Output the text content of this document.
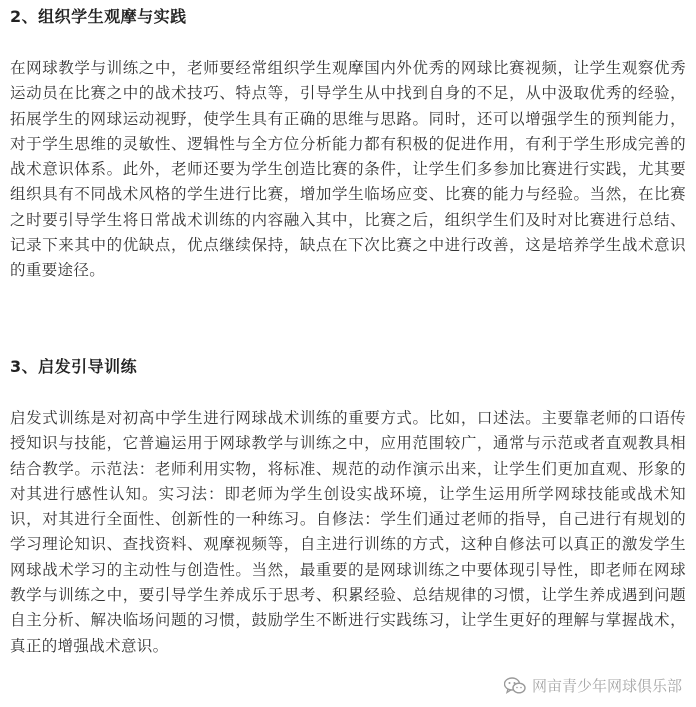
2、组织学生观摩与实践

在网球教学与训练之中，老师要经常组织学生观摩国内外优秀的网球比赛视频，让学生观察优秀运动员在比赛之中的战术技巧、特点等，引导学生从中找到自身的不足，从中汲取优秀的经验，拓展学生的网球运动视野，使学生具有正确的思维与思路。同时，还可以增强学生的预判能力，对于学生思维的灵敏性、逻辑性与全方位分析能力都有积极的促进作用，有利于学生形成完善的战术意识体系。此外，老师还要为学生创造比赛的条件，让学生们多参加比赛进行实践，尤其要组织具有不同战术风格的学生进行比赛，增加学生临场应变、比赛的能力与经验。当然，在比赛之时要引导学生将日常战术训练的内容融入其中，比赛之后，组织学生们及时对比赛进行总结、记录下来其中的优缺点，优点继续保持，缺点在下次比赛之中进行改善，这是培养学生战术意识的重要途径。

3、启发引导训练

启发式训练是对初高中学生进行网球战术训练的重要方式。比如，口述法。主要靠老师的口语传授知识与技能，它普遍运用于网球教学与训练之中，应用范围较广，通常与示范或者直观教具相结合教学。示范法：老师利用实物，将标准、规范的动作演示出来，让学生们更加直观、形象的对其进行感性认知。实习法：即老师为学生创设实战环境，让学生运用所学网球技能或战术知识，对其进行全面性、创新性的一种练习。自修法：学生们通过老师的指导，自己进行有规划的学习理论知识、查找资料、观摩视频等，自主进行训练的方式，这种自修法可以真正的激发学生网球战术学习的主动性与创造性。当然，最重要的是网球训练之中要体现引导性，即老师在网球教学与训练之中，要引导学生养成乐于思考、积累经验、总结规律的习惯，让学生养成遇到问题自主分析、解决临场问题的习惯，鼓励学生不断进行实践练习，让学生更好的理解与掌握战术，真正的增强战术意识。

网亩青少年网球俱乐部
